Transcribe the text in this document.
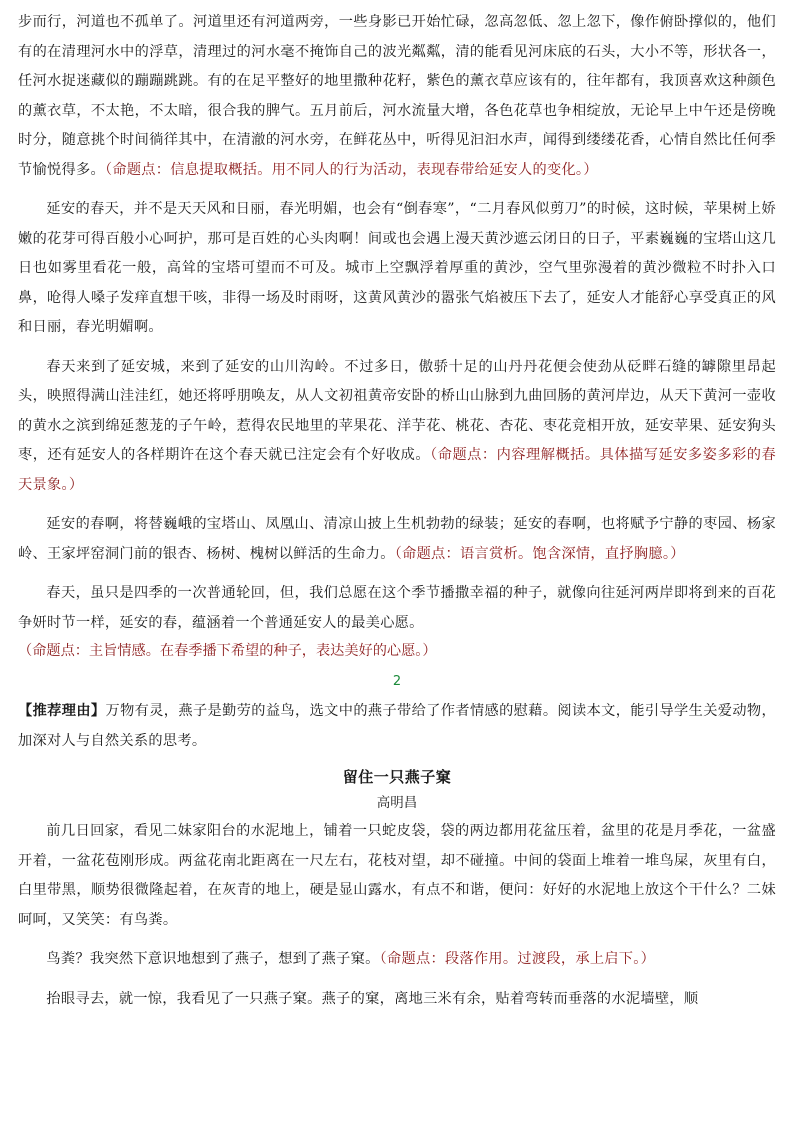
步而行，河道也不孤单了。河道里还有河道两旁，一些身影已开始忙碌，忽高忽低、忽上忽下，像作俯卧撑似的，他们有的在清理河水中的浮草，清理过的河水毫不掩饰自己的波光粼粼，清的能看见河床底的石头，大小不等，形状各一，任河水捉迷藏似的蹦蹦跳跳。有的在足平整好的地里撒种花籽，紫色的薰衣草应该有的，往年都有，我顶喜欢这种颜色的薰衣草，不太艳，不太暗，很合我的脾气。五月前后，河水流量大增，各色花草也争相绽放，无论早上中午还是傍晚时分，随意挑个时间徜徉其中，在清澈的河水旁，在鲜花丛中，听得见汩汩水声，闻得到缕缕花香，心情自然比任何季节愉悦得多。（命题点：信息提取概括。用不同人的行为活动，表现春带给延安人的变化。）

延安的春天，并不是天天风和日丽，春光明媚，也会有“倒春寒”，“二月春风似剪刀”的时候，这时候，苹果树上娇嫩的花芽可得百般小心呵护，那可是百姓的心头肉啊！间或也会遇上漫天黄沙遮云闭日的日子，平素巍巍的宝塔山这几日也如雾里看花一般，高耸的宝塔可望而不可及。城市上空飘浮着厚重的黄沙，空气里弥漫着的黄沙微粒不时扑入口鼻，呛得人嗓子发痒直想干咳，非得一场及时雨呀，这黄风黄沙的嚣张气焰被压下去了，延安人才能舒心享受真正的风和日丽，春光明媚啊。

春天来到了延安城，来到了延安的山川沟岭。不过多日，傲骄十足的山丹丹花便会使劲从砭畔石缝的罅隙里昂起头，映照得满山洼洼红，她还将呼朋唤友，从人文初祖黄帝安卧的桥山山脉到九曲回肠的黄河岸边，从天下黄河一壶收的黄水之滨到绵延葱茏的子午岭，惹得农民地里的苹果花、洋芋花、桃花、杏花、枣花竞相开放，延安苹果、延安狗头枣，还有延安人的各样期许在这个春天就已注定会有个好收成。（命题点：内容理解概括。具体描写延安多姿多彩的春天景象。）

延安的春啊，将替巍峨的宝塔山、凤凰山、清凉山披上生机勃勃的绿装；延安的春啊，也将赋予宁静的枣园、杨家岭、王家坪窑洞门前的银杏、杨树、槐树以鲜活的生命力。（命题点：语言赏析。饱含深情，直抒胸臆。）

春天，虽只是四季的一次普通轮回，但，我们总愿在这个季节播撒幸福的种子，就像向往延河两岸即将到来的百花争妍时节一样，延安的春，蕴涵着一个普通延安人的最美心愿。

（命题点：主旨情感。在春季播下希望的种子，表达美好的心愿。）
2

【推荐理由】万物有灵，燕子是勤劳的益鸟，选文中的燕子带给了作者情感的慰藉。阅读本文，能引导学生关爱动物，加深对人与自然关系的思考。

留住一只燕子窠
高明昌

前几日回家，看见二妹家阳台的水泥地上，铺着一只蛇皮袋，袋的两边都用花盆压着，盆里的花是月季花，一盆盛开着，一盆花苞刚形成。两盆花南北距离在一尺左右，花枝对望，却不碰撞。中间的袋面上堆着一堆鸟屎，灰里有白，白里带黑，顺势很微隆起着，在灰青的地上，硬是显山露水，有点不和谐，便问：好好的水泥地上放这个干什么？二妹呵呵，又笑笑：有鸟粪。

鸟粪？我突然下意识地想到了燕子，想到了燕子窠。（命题点：段落作用。过渡段，承上启下。）

抬眼寻去，就一惊，我看见了一只燕子窠。燕子的窠，离地三米有余，贴着弯转而垂落的水泥墙壁，顺
